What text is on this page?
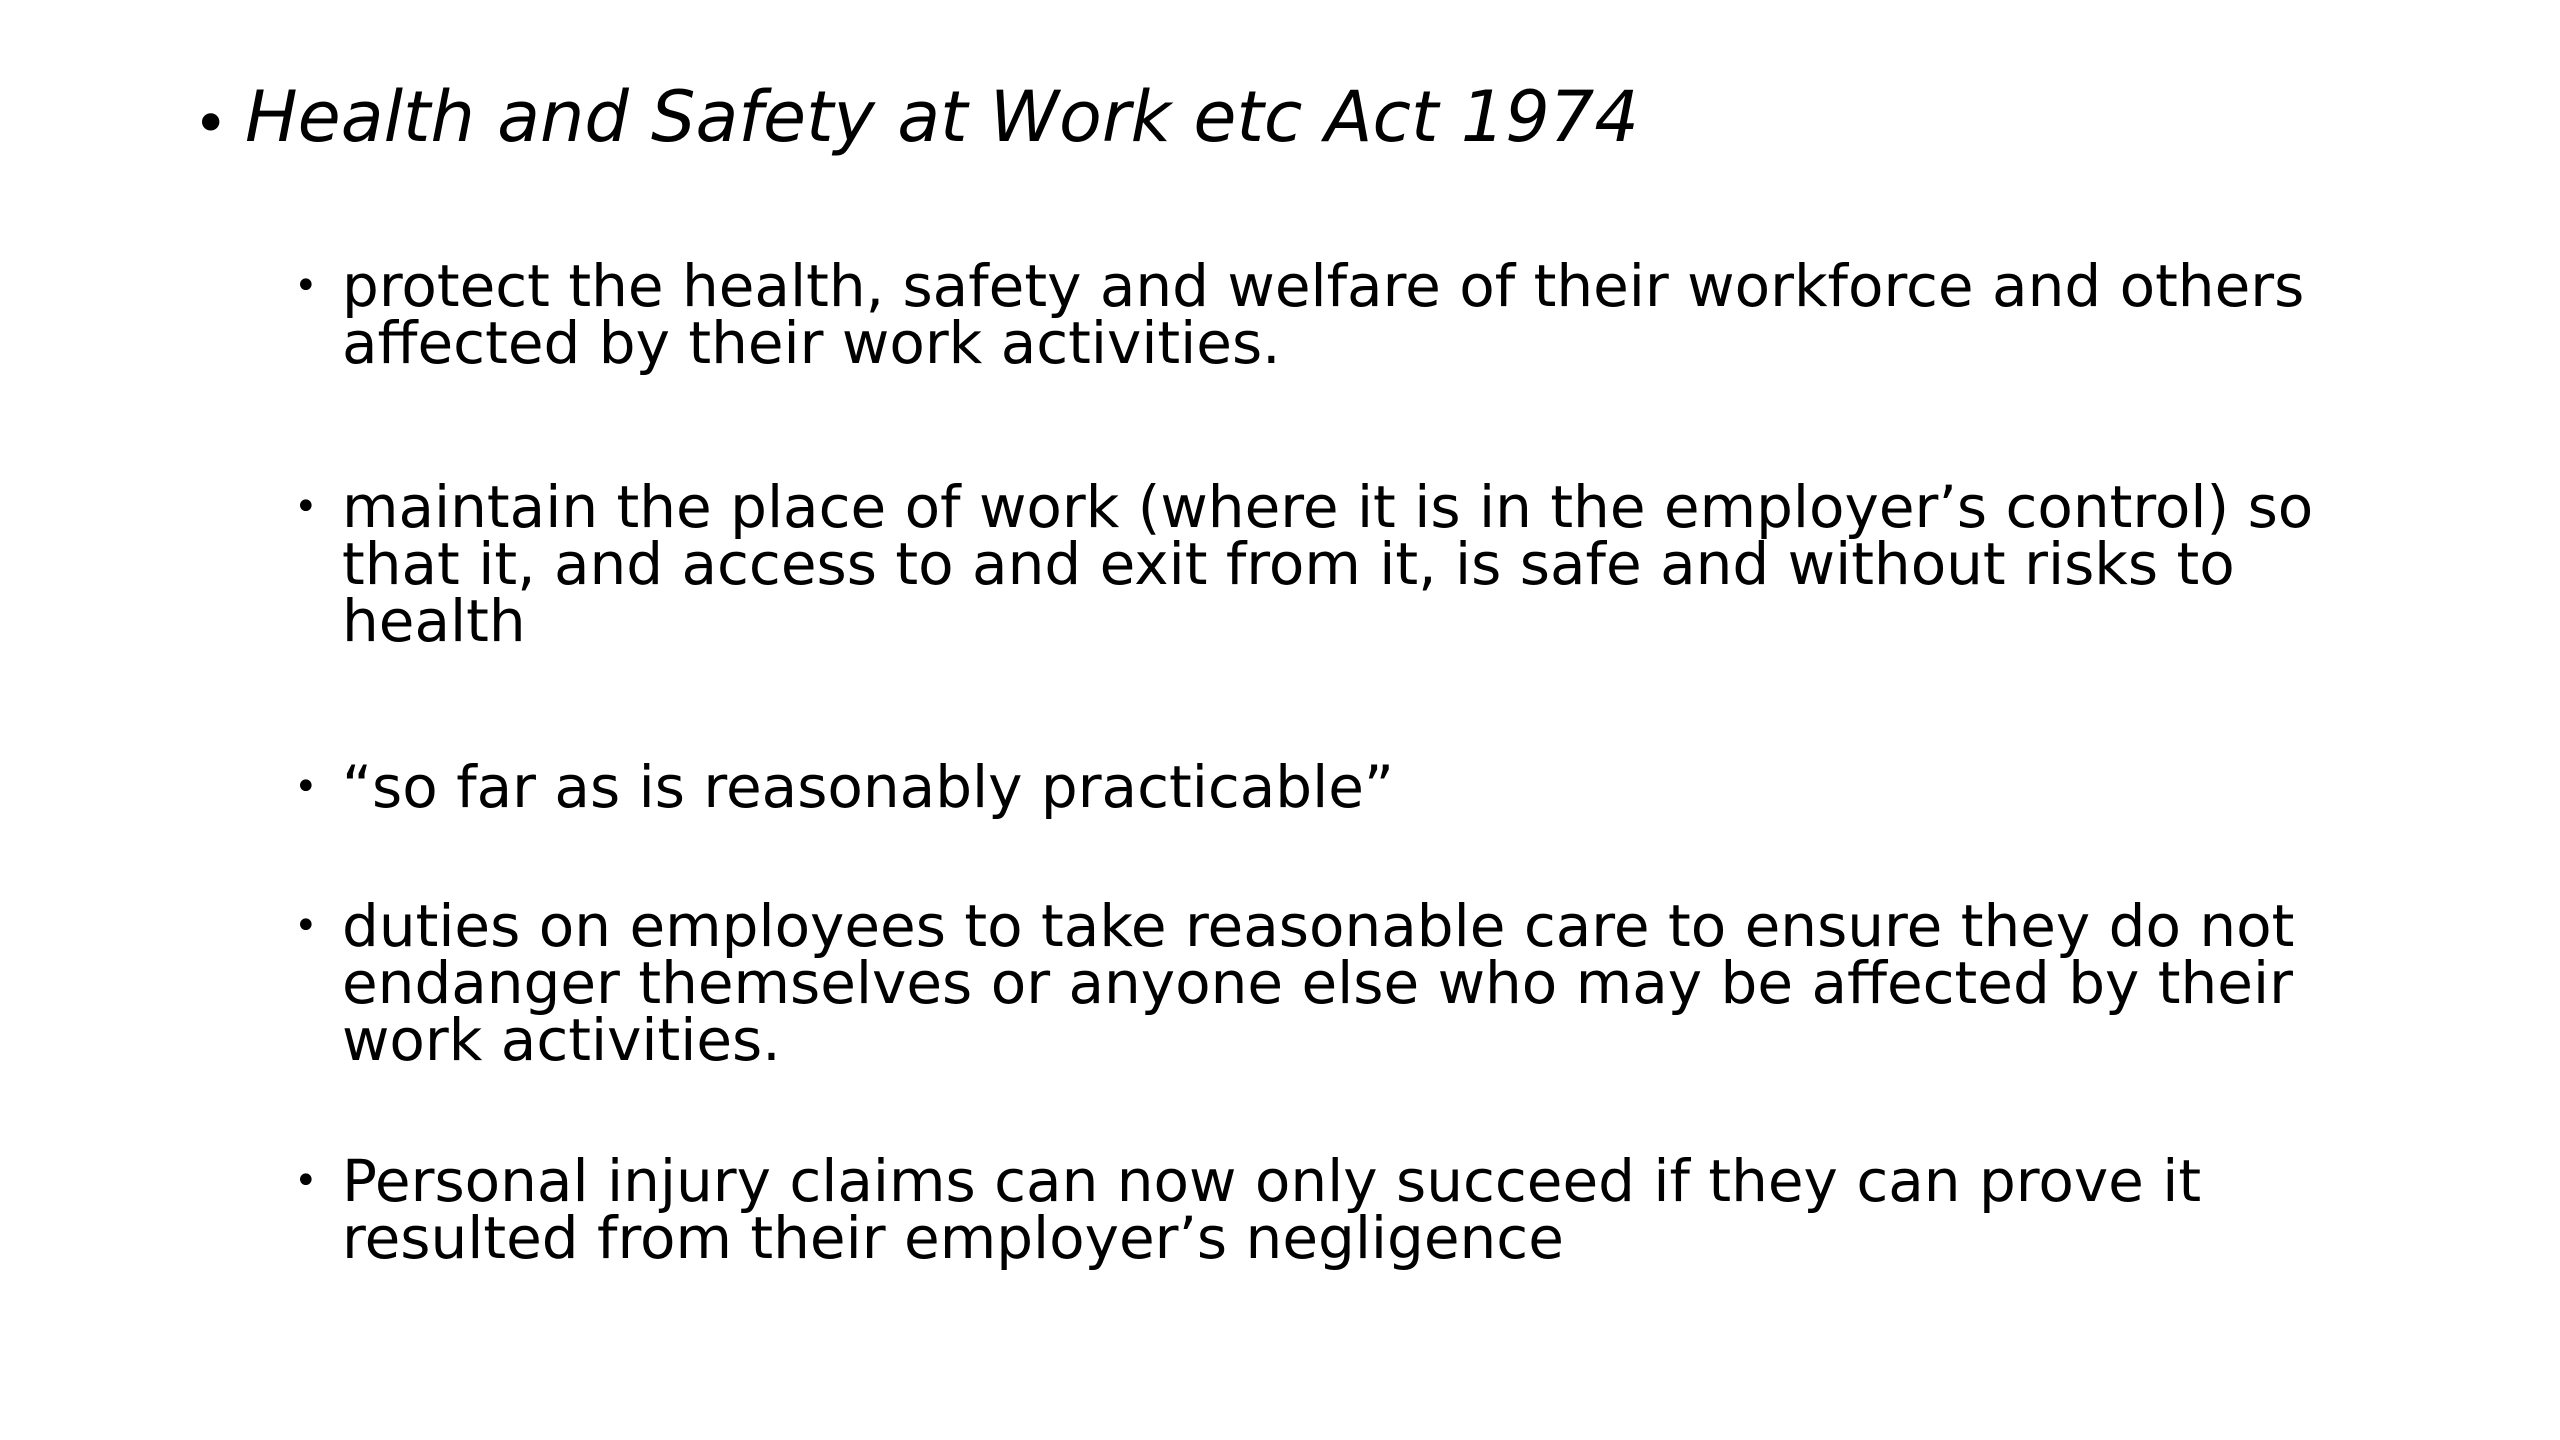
• Health and Safety at Work etc Act 1974
• protect the health, safety and welfare of their workforce and others affected by their work activities.
• maintain the place of work (where it is in the employer’s control) so that it, and access to and exit from it, is safe and without risks to health
• “so far as is reasonably practicable”
• duties on employees to take reasonable care to ensure they do not endanger themselves or anyone else who may be affected by their work activities.
• Personal injury claims can now only succeed if they can prove it resulted from their employer’s negligence
